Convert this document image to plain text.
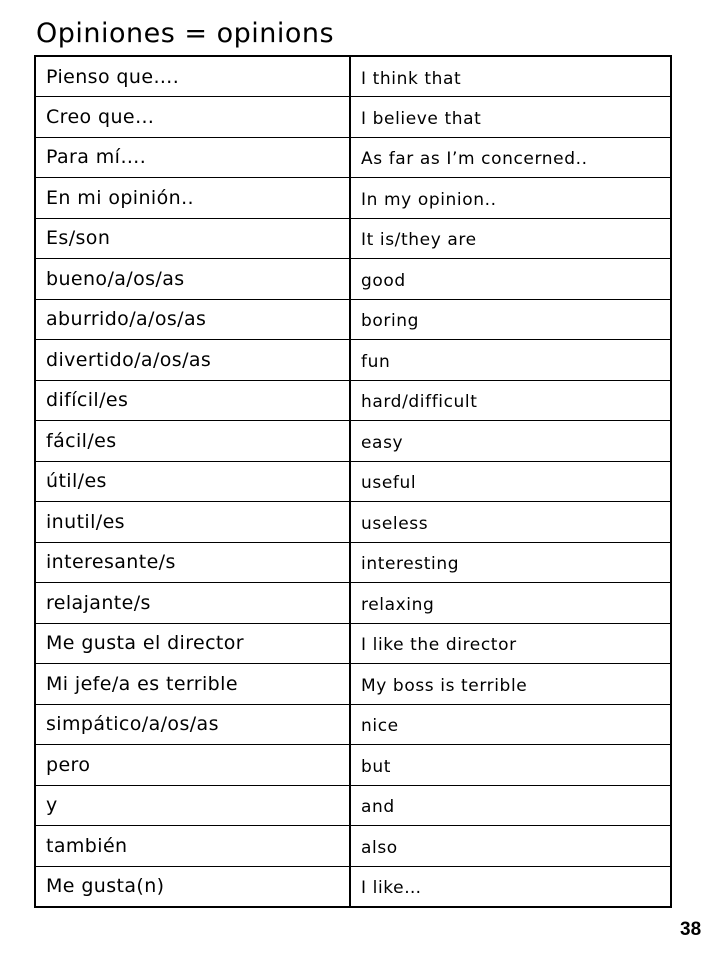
Opiniones = opinions
Pienso que….	I think that
Creo que…	I believe that
Para mí….	As far as I’m concerned..
En mi opinión..	In my opinion..
Es/son	It is/they are
bueno/a/os/as	good
aburrido/a/os/as	boring
divertido/a/os/as	fun
difícil/es	hard/difficult
fácil/es	easy
útil/es	useful
inutil/es	useless
interesante/s	interesting
relajante/s	relaxing
Me gusta el director	I like the director
Mi jefe/a es terrible	My boss is terrible
simpático/a/os/as	nice
pero	but
y	and
también	also
Me gusta(n)	I like…
38
